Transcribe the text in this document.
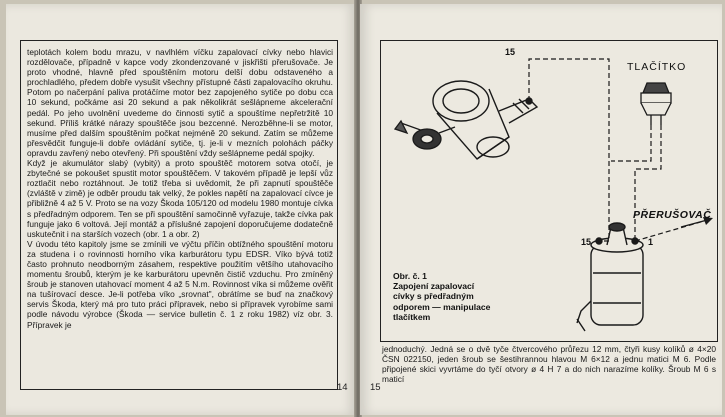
teplotách kolem bodu mrazu, v navlhlém víčku zapalovací cívky nebo hlavici rozdělovače, případně v kapce vody zkondenzované v jiskřišti přerušovače. Je proto vhodné, hlavně před spouštěním motoru delší dobu odstaveného a prochladlého, předem dobře vysušit všechny přístupné části zapalovacího okruhu. Potom po načerpání paliva protáčíme motor bez zapojeného sytiče po dobu cca 10 sekund, počkáme asi 20 sekund a pak několikrát sešlápneme akcelerační pedál. Po jeho uvolnění uvedeme do činnosti sytič a spouštíme nepřetržitě 10 sekund. Příliš krátké nárazy spouštěče jsou bezcenné. Nerozběhne-li se motor, musíme před dalším spouštěním počkat nejméně 20 sekund. Zatím se můžeme přesvědčit funguje-li dobře ovládání sytiče, tj. je-li v mezních polohách páčky opravdu zavřený nebo otevřený. Při spouštění vždy sešlápneme pedál spojky.

Když je akumulátor slabý (vybitý) a proto spouštěč motorem sotva otočí, je zbytečné se pokoušet spustit motor spouštěčem. V takovém případě je lepší vůz roztlačit nebo roztáhnout. Je totiž třeba si uvědomit, že při zapnutí spouštěče (zvláště v zimě) je odběr proudu tak velký, že pokles napětí na zapalovací cívce je přibližně 4 až 5 V. Proto se na vozy Škoda 105/120 od modelu 1980 montuje cívka s předřadným odporem. Ten se při spouštění samočinně vyřazuje, takže cívka pak funguje jako 6 voltová. Její montáž a příslušné zapojení doporučujeme dodatečně uskutečnit i na starších vozech (obr. 1 a obr. 2)

V úvodu této kapitoly jsme se zmínili ve výčtu příčin obtížného spouštění motoru za studena i o rovinnosti horního víka karburátoru typu EDSR. Víko bývá totiž často prohnuto neodborným zásahem, respektive použitím většího utahovacího momentu šroubů, kterým je ke karburátoru upevněn čistič vzduchu. Pro zmíněný šroub je stanoven utahovací moment 4 až 5 N.m. Rovinnost víka si můžeme ověřit na tušírovací desce. Je-li potřeba víko „srovnat", obrátíme se buď na značkový servis Škoda, který má pro tuto práci přípravek, nebo si přípravek vyrobíme sami podle návodu výrobce (Škoda — service bulletin č. 1 z roku 1982) víz obr. 3. Přípravek je

14 15
15
TLAČÍTKO
PŘERUŠOVAČ
15	1
Obr. č. 1
Zapojení zapalovací cívky s předřadným odporem — manipulace tlačítkem

jednoduchý. Jedná se o dvě tyče čtvercového průřezu 12 mm, čtyři kusy kolíků ø 4×20 ČSN 022150, jeden šroub se šestihrannou hlavou M 6×12 a jednu matici M 6. Podle připojené skici vyvrtáme do tyčí otvory ø 4 H 7 a do nich narazíme kolíky. Šroub M 6 s maticí
